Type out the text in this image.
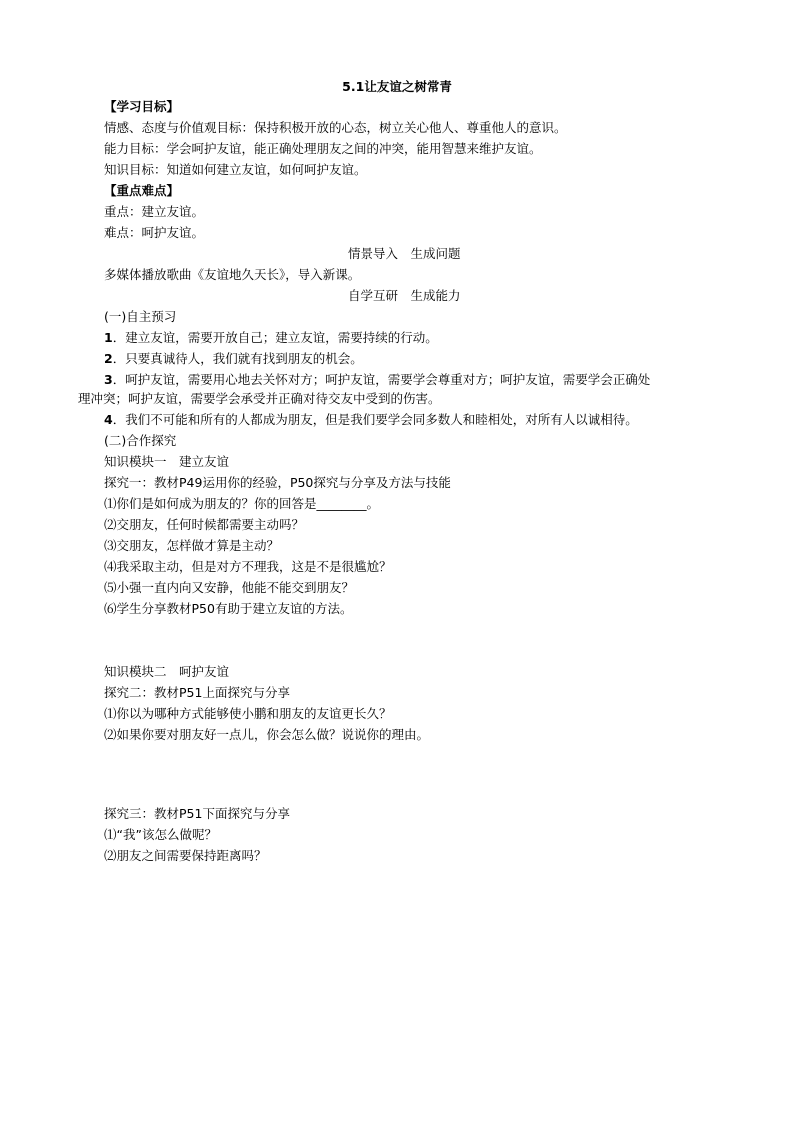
5.1让友谊之树常青
【学习目标】
情感、态度与价值观目标：保持积极开放的心态，树立关心他人、尊重他人的意识。
能力目标：学会呵护友谊，能正确处理朋友之间的冲突，能用智慧来维护友谊。
知识目标：知道如何建立友谊，如何呵护友谊。
【重点难点】
重点：建立友谊。
难点：呵护友谊。
情景导入　生成问题
多媒体播放歌曲《友谊地久天长》，导入新课。
自学互研　生成能力
(一)自主预习
1．建立友谊，需要开放自己；建立友谊，需要持续的行动。
2．只要真诚待人，我们就有找到朋友的机会。
3．呵护友谊，需要用心地去关怀对方；呵护友谊，需要学会尊重对方；呵护友谊，需要学会正确处
理冲突；呵护友谊，需要学会承受并正确对待交友中受到的伤害。
4．我们不可能和所有的人都成为朋友，但是我们要学会同多数人和睦相处，对所有人以诚相待。
(二)合作探究
知识模块一　建立友谊
探究一：教材P49运用你的经验，P50探究与分享及方法与技能
⑴你们是如何成为朋友的？你的回答是________。
⑵交朋友，任何时候都需要主动吗？
⑶交朋友，怎样做才算是主动？
⑷我采取主动，但是对方不理我，这是不是很尴尬？
⑸小强一直内向又安静，他能不能交到朋友？
⑹学生分享教材P50有助于建立友谊的方法。
知识模块二　呵护友谊
探究二：教材P51上面探究与分享
⑴你以为哪种方式能够使小鹏和朋友的友谊更长久？
⑵如果你要对朋友好一点儿，你会怎么做？说说你的理由。
探究三：教材P51下面探究与分享
⑴“我”该怎么做呢？
⑵朋友之间需要保持距离吗？
